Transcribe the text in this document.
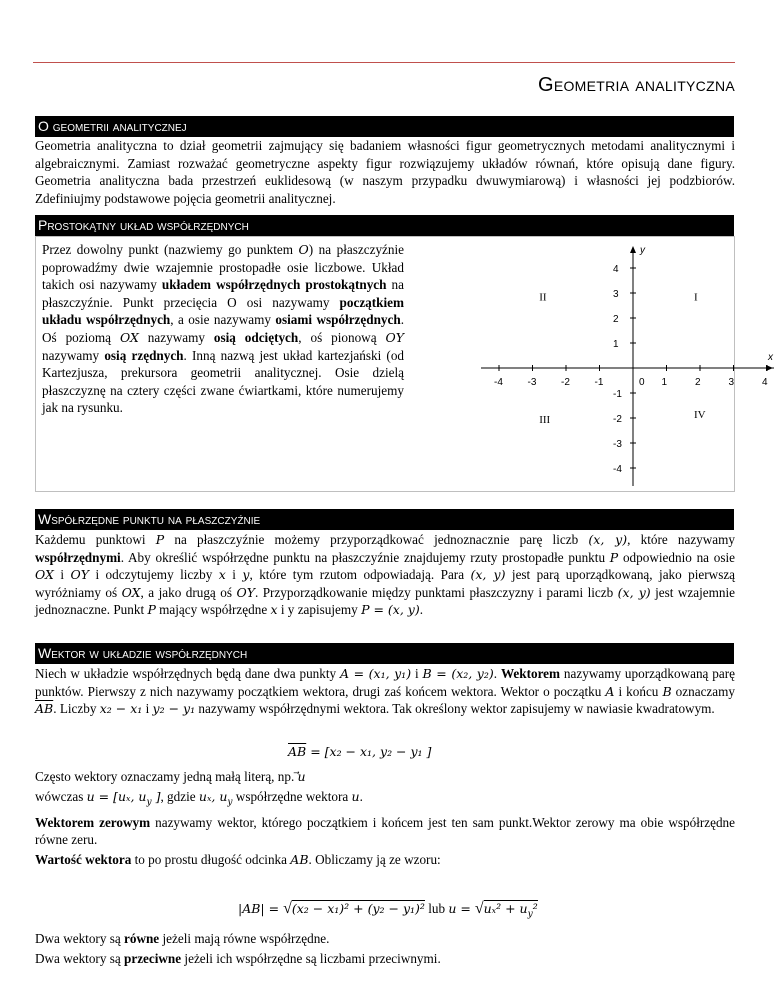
Geometria analityczna
O geometrii analitycznej
Geometria analityczna to dział geometrii zajmujący się badaniem własności figur geometrycznych metodami analitycznymi i algebraicznymi. Zamiast rozważać geometryczne aspekty figur rozwiązujemy układów równań, które opisują dane figury. Geometria analityczna bada przestrzeń euklidesową (w naszym przypadku dwuwymiarową) i własności jej podzbiorów. Zdefiniujmy podstawowe pojęcia geometrii analitycznej.
Prostokątny układ współrzędnych
Przez dowolny punkt (nazwiemy go punktem O) na płaszczyźnie poprowadźmy dwie wzajemnie prostopadłe osie liczbowe. Układ takich osi nazywamy układem współrzędnych prostokątnych na płaszczyźnie. Punkt przecięcia O osi nazywamy początkiem układu współrzędnych, a osie nazywamy osiami współrzędnych. Oś poziomą OX nazywamy osią odciętych, oś pionową OY nazywamy osią rzędnych. Inną nazwą jest układ kartezjański (od Kartezjusza, prekursora geometrii analitycznej. Osie dzielą płaszczyznę na cztery części zwane ćwiartkami, które numerujemy jak na rysunku.
x
y
-4 -3 -2 -1	0 1	2	3	4
4
3
2
1
-1
-2
-3
-4
I
II
III	IV
Współrzędne punktu na płaszczyźnie
Każdemu punktowi P na płaszczyźnie możemy przyporządkować jednoznacznie parę liczb (x, y), które nazywamy współrzędnymi. Aby określić współrzędne punktu na płaszczyźnie znajdujemy rzuty prostopadłe punktu P odpowiednio na osie OX i OY i odczytujemy liczby x i y, które tym rzutom odpowiadają. Para (x, y) jest parą uporządkowaną, jako pierwszą wyróżniamy oś OX, a jako drugą oś OY. Przyporządkowanie między punktami płaszczyzny i parami liczb (x, y) jest wzajemnie jednoznaczne. Punkt P mający współrzędne x i y zapisujemy P = (x, y).
Wektor w układzie współrzędnych
Niech w układzie współrzędnych będą dane dwa punkty A = (x₁, y₁) i B = (x₂, y₂). Wektorem nazywamy uporządkowaną parę punktów. Pierwszy z nich nazywamy początkiem wektora, drugi zaś końcem wektora. Wektor o początku A i końcu B oznaczamy $\overline{AB}$. Liczby x₂ − x₁ i y₂ − y₁ nazywamy współrzędnymi wektora. Tak określony wektor zapisujemy w nawiasie kwadratowym.
$\overline{AB} = [x_2 - x_1$, y₂ − y₁ ]
Często wektory oznaczamy jedną małą literą, np. u
wówczas u = [uₓ, $u_y$ ], gdzie uₓ, $u_y$ współrzędne wektora u.
Wektorem zerowym nazywamy wektor, którego początkiem i końcem jest ten sam punkt.Wektor zerowy ma obie współrzędne równe zeru.
Wartość wektora to po prostu długość odcinka AB. Obliczamy ją ze wzoru:
|AB| = √(x₂ − x₁)² + (y₂ − y₁)² lub $u = √u_x^2 + u_y^2$
Dwa wektory są równe jeżeli mają równe współrzędne.
Dwa wektory są przeciwne jeżeli ich współrzędne są liczbami przeciwnymi.
